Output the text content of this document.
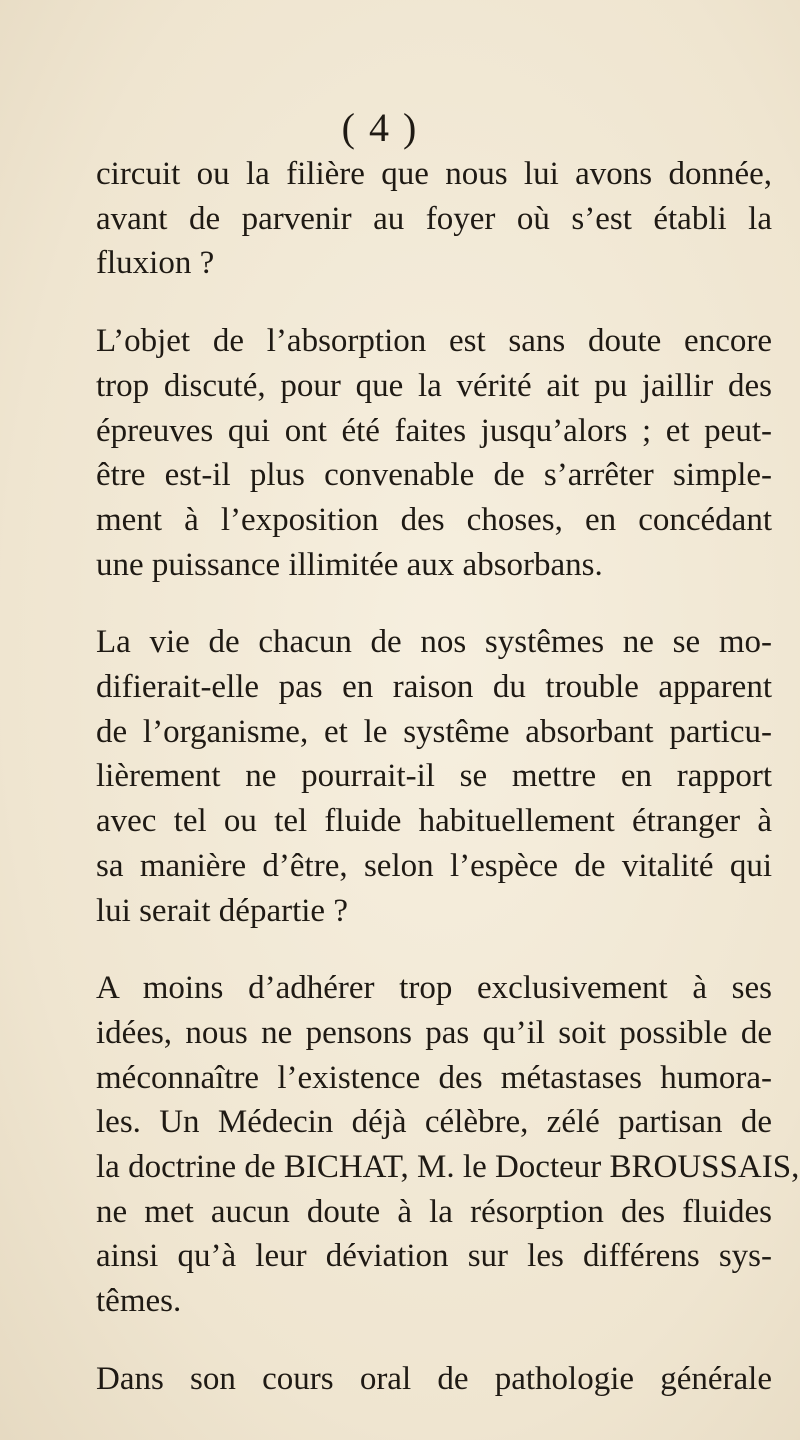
( 4 )

circuit ou la filière que nous lui avons donnée,
avant de parvenir au foyer où s’est établi la
fluxion ?

L’objet de l’absorption est sans doute encore
trop discuté, pour que la vérité ait pu jaillir des
épreuves qui ont été faites jusqu’alors ; et peut-
être est-il plus convenable de s’arrêter simple-
ment à l’exposition des choses, en concédant
une puissance illimitée aux absorbans.

La vie de chacun de nos systêmes ne se mo-
difierait-elle pas en raison du trouble apparent
de l’organisme, et le systême absorbant particu-
lièrement ne pourrait-il se mettre en rapport
avec tel ou tel fluide habituellement étranger à
sa manière d’être, selon l’espèce de vitalité qui
lui serait départie ?

A moins d’adhérer trop exclusivement à ses
idées, nous ne pensons pas qu’il soit possible de
méconnaître l’existence des métastases humora-
les. Un Médecin déjà célèbre, zélé partisan de
la doctrine de BICHAT, M. le Docteur BROUSSAIS,
ne met aucun doute à la résorption des fluides
ainsi qu’à leur déviation sur les différens sys-
têmes.

Dans son cours oral de pathologie générale
